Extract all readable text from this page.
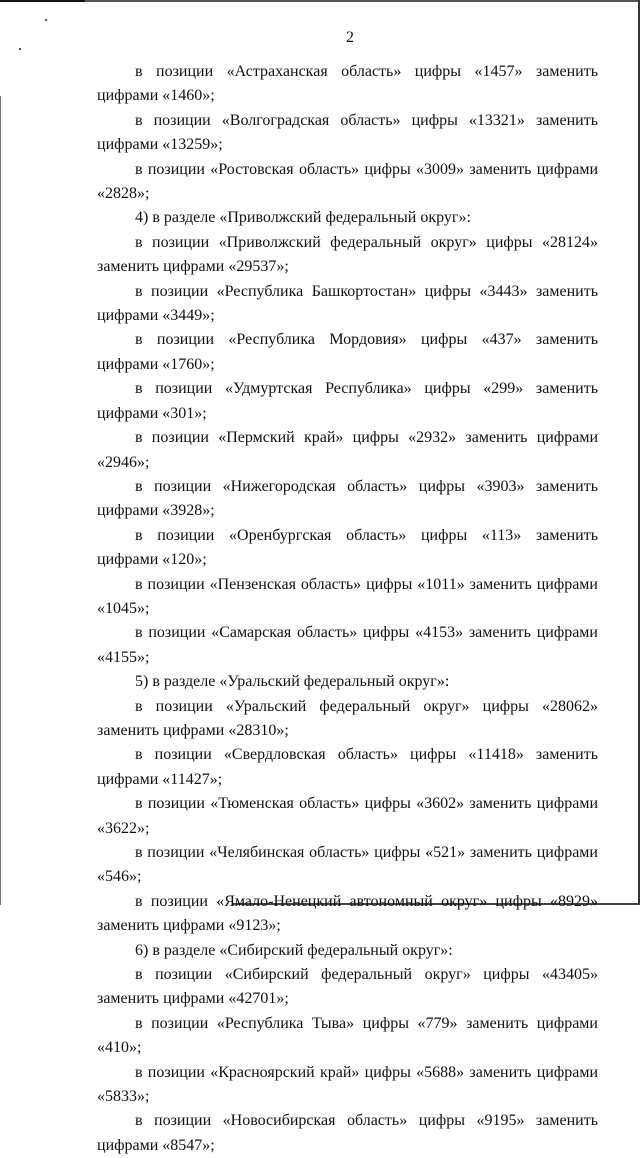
2

в позиции «Астраханская область» цифры «1457» заменить цифрами «1460»;

в позиции «Волгоградская область» цифры «13321» заменить цифрами «13259»;

в позиции «Ростовская область» цифры «3009» заменить цифрами «2828»;

4) в разделе «Приволжский федеральный округ»:

в позиции «Приволжский федеральный округ» цифры «28124» заменить цифрами «29537»;

в позиции «Республика Башкортостан» цифры «3443» заменить цифрами «3449»;

в позиции «Республика Мордовия» цифры «437» заменить цифрами «1760»;

в позиции «Удмуртская Республика» цифры «299» заменить цифрами «301»;

в позиции «Пермский край» цифры «2932» заменить цифрами «2946»;

в позиции «Нижегородская область» цифры «3903» заменить цифрами «3928»;

в позиции «Оренбургская область» цифры «113» заменить цифрами «120»;

в позиции «Пензенская область» цифры «1011» заменить цифрами «1045»;

в позиции «Самарская область» цифры «4153» заменить цифрами «4155»;

5) в разделе «Уральский федеральный округ»:

в позиции «Уральский федеральный округ» цифры «28062» заменить цифрами «28310»;

в позиции «Свердловская область» цифры «11418» заменить цифрами «11427»;

в позиции «Тюменская область» цифры «3602» заменить цифрами «3622»;

в позиции «Челябинская область» цифры «521» заменить цифрами «546»;

в позиции «Ямало-Ненецкий автономный округ» цифры «8929» заменить цифрами «9123»;

6) в разделе «Сибирский федеральный округ»:

в позиции «Сибирский федеральный округ» цифры «43405» заменить цифрами «42701»;

в позиции «Республика Тыва» цифры «779» заменить цифрами «410»;

в позиции «Красноярский край» цифры «5688» заменить цифрами «5833»;

в позиции «Новосибирская область» цифры «9195» заменить цифрами «8547»;
